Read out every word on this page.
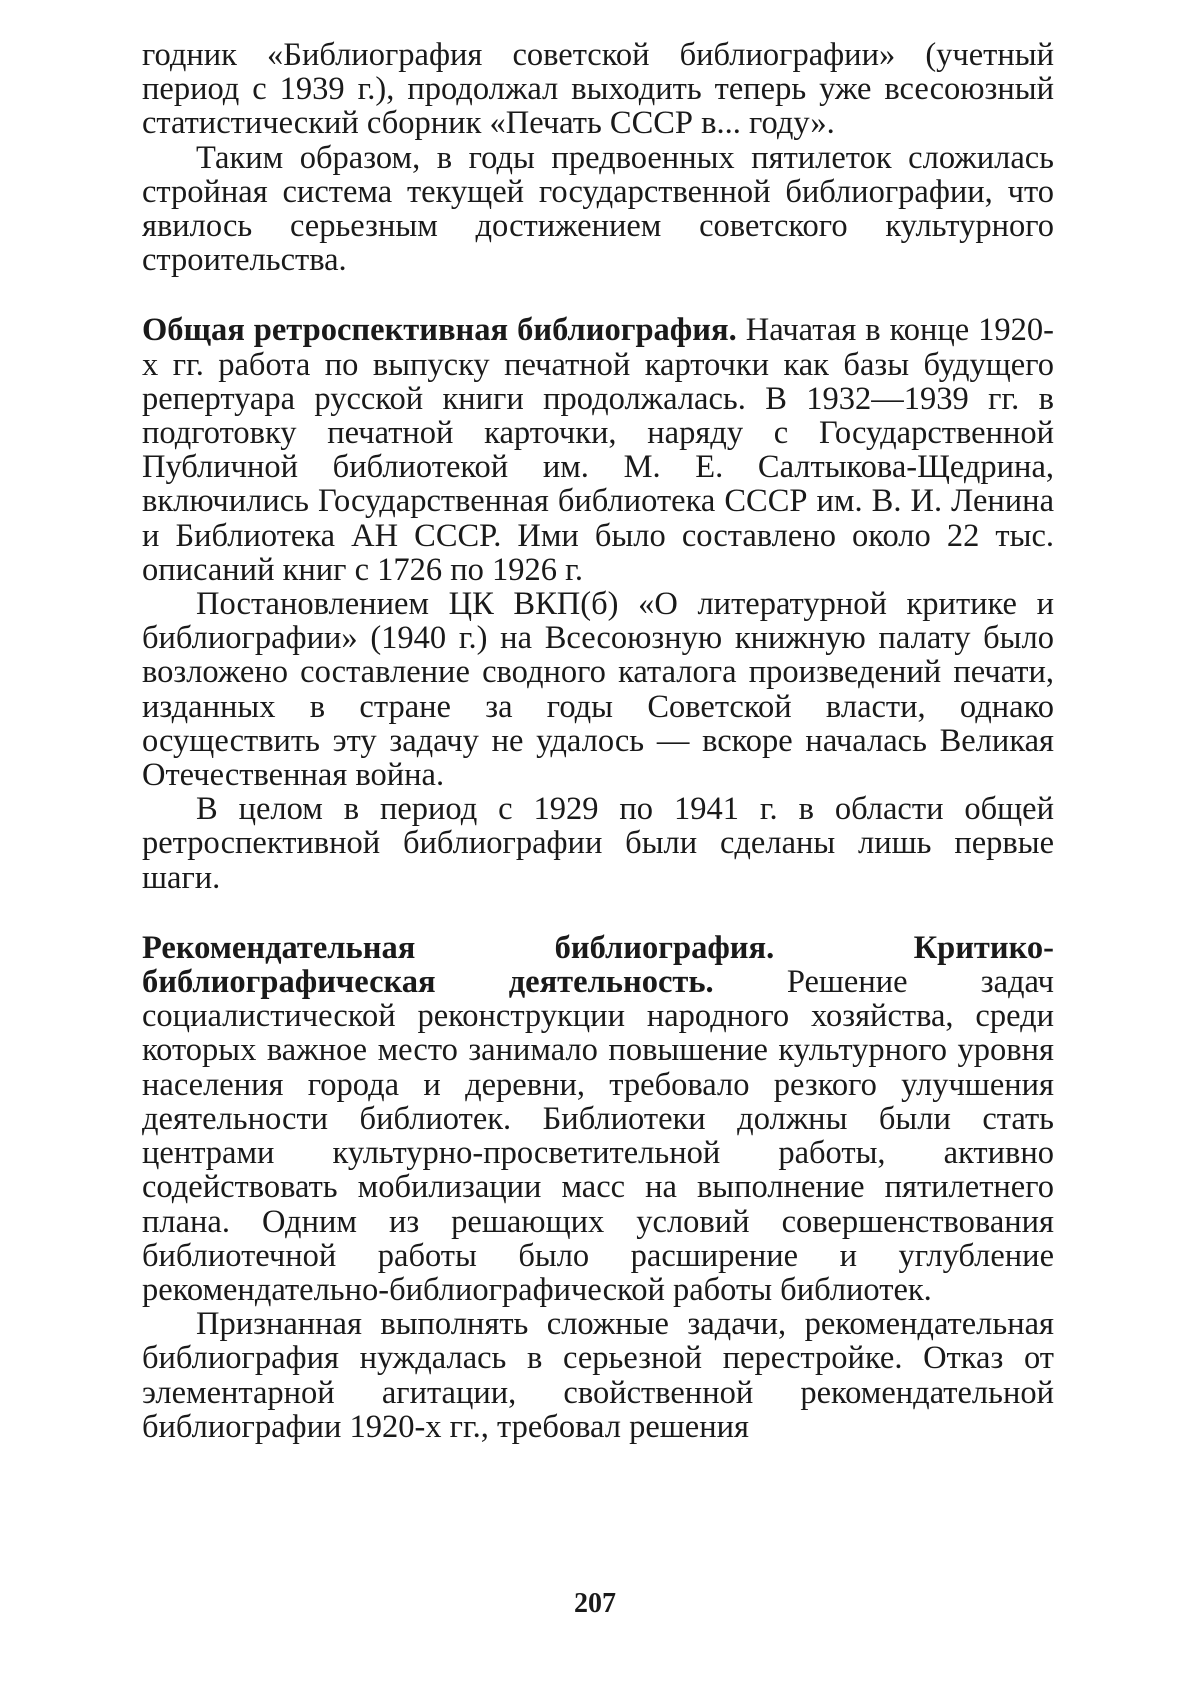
годник «Библиография советской библиографии» (учетный период с 1939 г.), продолжал выходить теперь уже всесоюзный статистический сборник «Печать СССР в... году».

Таким образом, в годы предвоенных пятилеток сложилась стройная система текущей государственной библиографии, что явилось серьезным достижением советского культурного строительства.

Общая ретроспективная библиография. Начатая в конце 1920-х гг. работа по выпуску печатной карточки как базы будущего репертуара русской книги продолжалась. В 1932—1939 гг. в подготовку печатной карточки, наряду с Государственной Публичной библиотекой им. М. Е. Салтыкова-Щедрина, включились Государственная библиотека СССР им. В. И. Ленина и Библиотека АН СССР. Ими было составлено около 22 тыс. описаний книг с 1726 по 1926 г.

Постановлением ЦК ВКП(б) «О литературной критике и библиографии» (1940 г.) на Всесоюзную книжную палату было возложено составление сводного каталога произведений печати, изданных в стране за годы Советской власти, однако осуществить эту задачу не удалось — вскоре началась Великая Отечественная война.

В целом в период с 1929 по 1941 г. в области общей ретроспективной библиографии были сделаны лишь первые шаги.

Рекомендательная библиография. Критико-библиографическая деятельность. Решение задач социалистической реконструкции народного хозяйства, среди которых важное место занимало повышение культурного уровня населения города и деревни, требовало резкого улучшения деятельности библиотек. Библиотеки должны были стать центрами культурно-просветительной работы, активно содействовать мобилизации масс на выполнение пятилетнего плана. Одним из решающих условий совершенствования библиотечной работы было расширение и углубление рекомендательно-библиографической работы библиотек.

Признанная выполнять сложные задачи, рекомендательная библиография нуждалась в серьезной перестройке. Отказ от элементарной агитации, свойственной рекомендательной библиографии 1920-х гг., требовал решения

207
